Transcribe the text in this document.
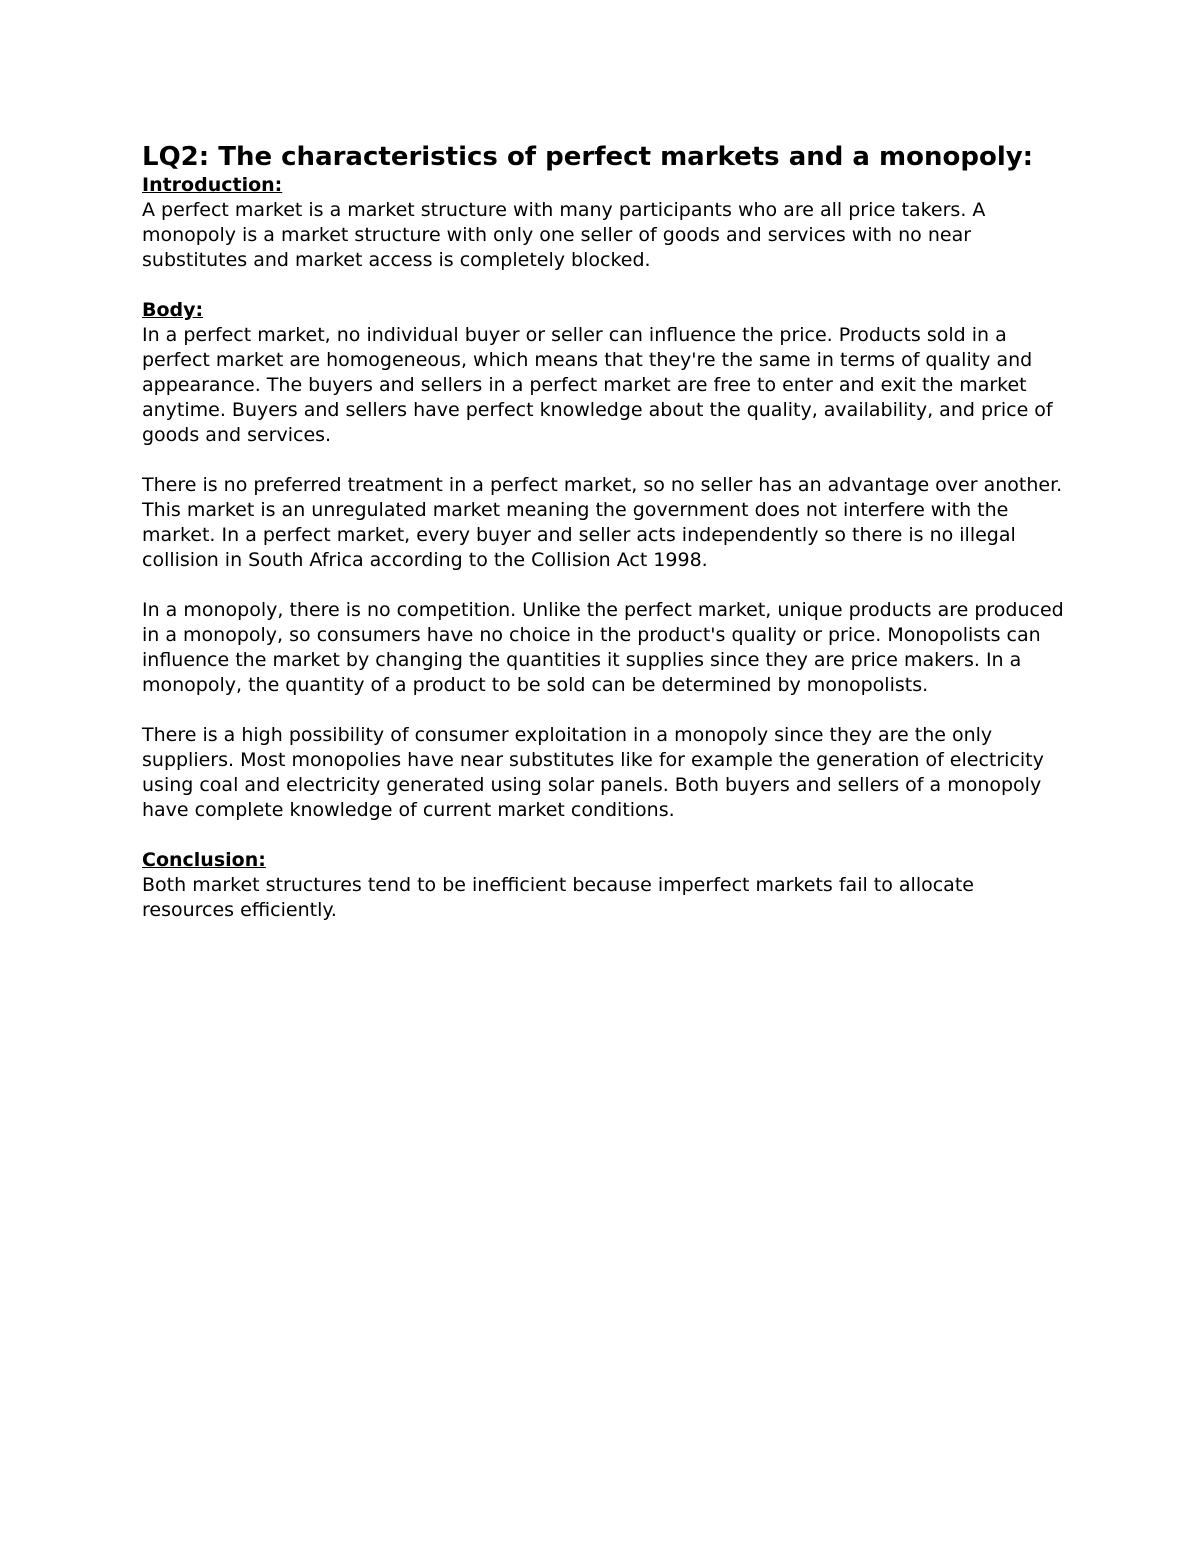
LQ2: The characteristics of perfect markets and a monopoly:
Introduction:

A perfect market is a market structure with many participants who are all price takers. A monopoly is a market structure with only one seller of goods and services with no near substitutes and market access is completely blocked.

Body:

In a perfect market, no individual buyer or seller can influence the price. Products sold in a perfect market are homogeneous, which means that they're the same in terms of quality and appearance. The buyers and sellers in a perfect market are free to enter and exit the market anytime. Buyers and sellers have perfect knowledge about the quality, availability, and price of goods and services.

There is no preferred treatment in a perfect market, so no seller has an advantage over another. This market is an unregulated market meaning the government does not interfere with the market. In a perfect market, every buyer and seller acts independently so there is no illegal collision in South Africa according to the Collision Act 1998.

In a monopoly, there is no competition. Unlike the perfect market, unique products are produced in a monopoly, so consumers have no choice in the product's quality or price. Monopolists can influence the market by changing the quantities it supplies since they are price makers. In a monopoly, the quantity of a product to be sold can be determined by monopolists.

There is a high possibility of consumer exploitation in a monopoly since they are the only suppliers. Most monopolies have near substitutes like for example the generation of electricity using coal and electricity generated using solar panels. Both buyers and sellers of a monopoly have complete knowledge of current market conditions.

Conclusion:

Both market structures tend to be inefficient because imperfect markets fail to allocate resources efficiently.
